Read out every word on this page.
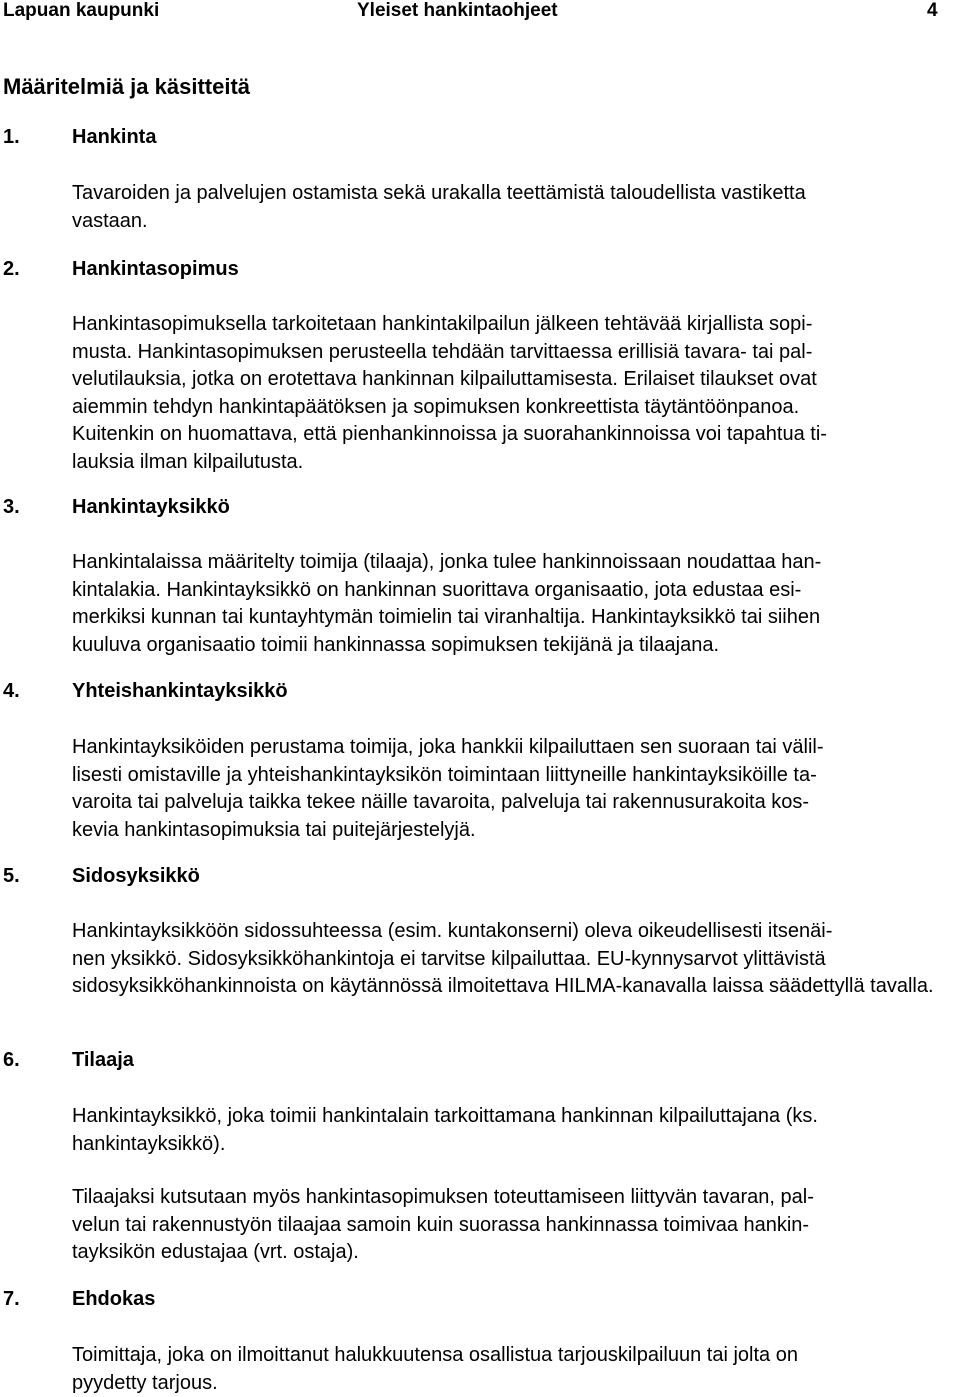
Lapuan kaupunki	Yleiset hankintaohjeet	4
Määritelmiä ja käsitteitä
1.	Hankinta

Tavaroiden ja palvelujen ostamista sekä urakalla teettämistä taloudellista vastiketta
vastaan.

2.	Hankintasopimus

Hankintasopimuksella tarkoitetaan hankintakilpailun jälkeen tehtävää kirjallista sopi-
musta. Hankintasopimuksen perusteella tehdään tarvittaessa erillisiä tavara- tai pal-
velutilauksia, jotka on erotettava hankinnan kilpailuttamisesta. Erilaiset tilaukset ovat
aiemmin tehdyn hankintapäätöksen ja sopimuksen konkreettista täytäntöönpanoa.
Kuitenkin on huomattava, että pienhankinnoissa ja suorahankinnoissa voi tapahtua ti-
lauksia ilman kilpailutusta.

3.	Hankintayksikkö

Hankintalaissa määritelty toimija (tilaaja), jonka tulee hankinnoissaan noudattaa han-
kintalakia. Hankintayksikkö on hankinnan suorittava organisaatio, jota edustaa esi-
merkiksi kunnan tai kuntayhtymän toimielin tai viranhaltija. Hankintayksikkö tai siihen
kuuluva organisaatio toimii hankinnassa sopimuksen tekijänä ja tilaajana.

4.	Yhteishankintayksikkö

Hankintayksiköiden perustama toimija, joka hankkii kilpailuttaen sen suoraan tai välil-
lisesti omistaville ja yhteishankintayksikön toimintaan liittyneille hankintayksiköille ta-
varoita tai palveluja taikka tekee näille tavaroita, palveluja tai rakennusurakoita kos-
kevia hankintasopimuksia tai puitejärjestelyjä.

5.	Sidosyksikkö

Hankintayksikköön sidossuhteessa (esim. kuntakonserni) oleva oikeudellisesti itsenäi-
nen yksikkö. Sidosyksikköhankintoja ei tarvitse kilpailuttaa. EU-kynnysarvot ylittävistä
sidosyksikköhankinnoista on käytännössä ilmoitettava HILMA-kanavalla laissa säädettyllä tavalla.

6.	Tilaaja

Hankintayksikkö, joka toimii hankintalain tarkoittamana hankinnan kilpailuttajana (ks.
hankintayksikkö).

Tilaajaksi kutsutaan myös hankintasopimuksen toteuttamiseen liittyvän tavaran, pal-
velun tai rakennustyön tilaajaa samoin kuin suorassa hankinnassa toimivaa hankin-
tayksikön edustajaa (vrt. ostaja).

7.	Ehdokas

Toimittaja, joka on ilmoittanut halukkuutensa osallistua tarjouskilpailuun tai jolta on
pyydetty tarjous.
